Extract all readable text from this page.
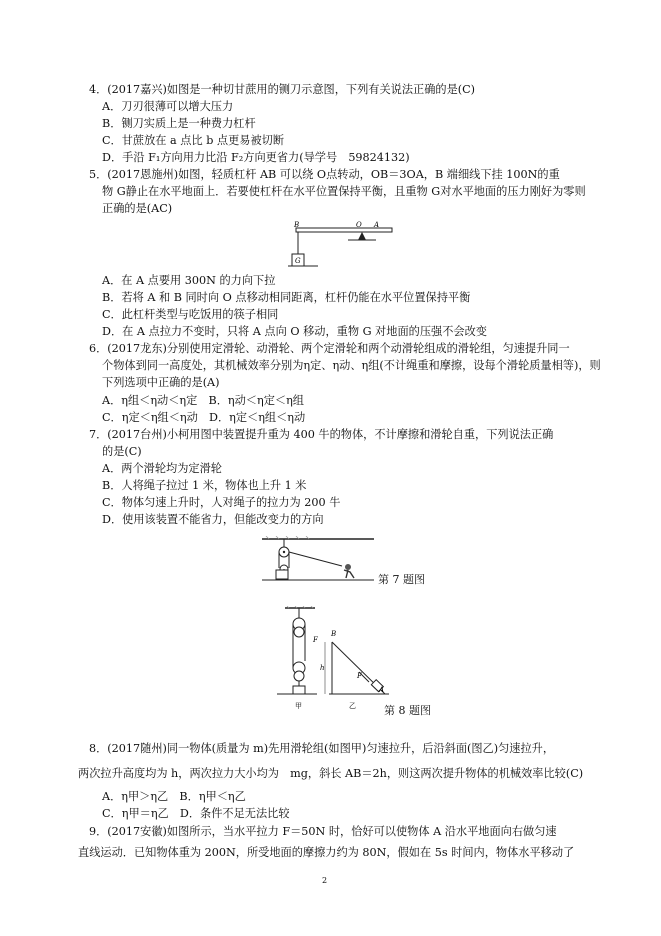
4．(2017嘉兴)如图是一种切甘蔗用的铡刀示意图，下列有关说法正确的是(C)
A．刀刃很薄可以增大压力
B．铡刀实质上是一种费力杠杆
C．甘蔗放在 a 点比 b 点更易被切断
D．手沿 F₁方向用力比沿 F₂方向更省力(导学号　59824132)
5．(2017恩施州)如图，轻质杠杆 AB 可以绕 O点转动，OB＝3OA，B 端细线下挂 100N的重
物 G静止在水平地面上．若要使杠杆在水平位置保持平衡，且重物 G对水平地面的压力刚好为零则
正确的是(AC)
B	O A
G
A．在 A 点要用 300N 的力向下拉
B．若将 A 和 B 同时向 O 点移动相同距离，杠杆仍能在水平位置保持平衡
C．此杠杆类型与吃饭用的筷子相同
D．在 A 点拉力不变时，只将 A 点向 O 移动，重物 G 对地面的压强不会改变
6．(2017龙东)分别使用定滑轮、动滑轮、两个定滑轮和两个动滑轮组成的滑轮组，匀速提升同一
个物体到同一高度处，其机械效率分别为η定、η动、η组(不计绳重和摩擦，设每个滑轮质量相等)，则
下列选项中正确的是(A)
A．η组＜η动＜η定　B．η动＜η定＜η组
C．η定＜η组＜η动　D．η定＜η组＜η动
7．(2017台州)小柯用图中装置提升重为 400 牛的物体，不计摩擦和滑轮自重，下列说法正确
的是(C)
A．两个滑轮均为定滑轮
B．人将绳子拉过 1 米，物体也上升 1 米
C．物体匀速上升时，人对绳子的拉力为 200 牛
D．使用该装置不能省力，但能改变力的方向
第 7 题图
F
B
h
F
A
甲	乙	第 8 题图
8．(2017随州)同一物体(质量为 m)先用滑轮组(如图甲)匀速拉升，后沿斜面(图乙)匀速拉升，
两次拉升高度均为 h，两次拉力大小均为　mg，斜长 AB＝2h，则这两次提升物体的机械效率比较(C)
A．η甲＞η乙　B．η甲＜η乙
C．η甲＝η乙　D．条件不足无法比较
9．(2017安徽)如图所示，当水平拉力 F＝50N 时，恰好可以使物体 A 沿水平地面向右做匀速
直线运动．已知物体重为 200N，所受地面的摩擦力约为 80N，假如在 5s 时间内，物体水平移动了
2
